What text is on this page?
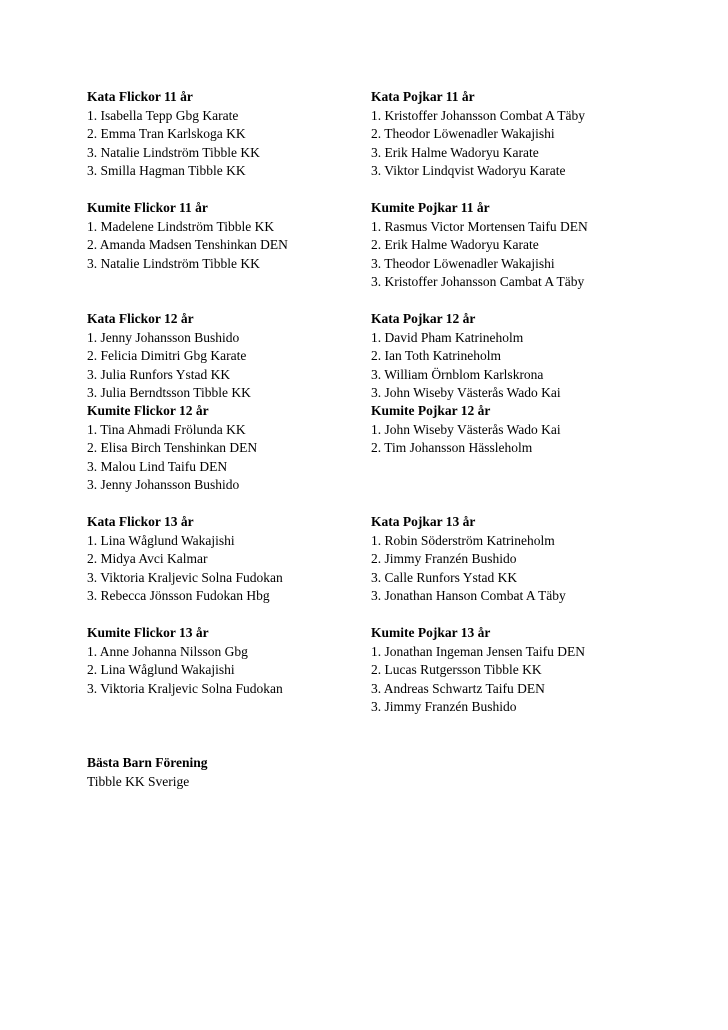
Kata Flickor 11 år
1. Isabella Tepp Gbg Karate
2. Emma Tran Karlskoga KK
3. Natalie Lindström Tibble KK
3. Smilla Hagman Tibble KK
Kumite Flickor 11 år
1. Madelene Lindström Tibble KK
2. Amanda Madsen Tenshinkan DEN
3. Natalie Lindström Tibble KK
Kata Flickor 12 år
1. Jenny Johansson Bushido
2. Felicia Dimitri Gbg Karate
3. Julia Runfors Ystad KK
3. Julia Berndtsson Tibble KK
Kumite Flickor 12 år
1. Tina Ahmadi Frölunda KK
2. Elisa Birch Tenshinkan DEN
3. Malou Lind Taifu DEN
3. Jenny Johansson Bushido
Kata Flickor 13 år
1. Lina Wåglund Wakajishi
2. Midya Avci Kalmar
3. Viktoria Kraljevic Solna Fudokan
3. Rebecca Jönsson Fudokan Hbg
Kumite Flickor 13 år
1. Anne Johanna Nilsson Gbg
2. Lina Wåglund Wakajishi
3. Viktoria Kraljevic Solna Fudokan
Kata Pojkar 11 år
1. Kristoffer Johansson Combat A Täby
2. Theodor Löwenadler Wakajishi
3. Erik Halme Wadoryu Karate
3. Viktor Lindqvist Wadoryu Karate
Kumite Pojkar 11 år
1. Rasmus Victor Mortensen Taifu DEN
2. Erik Halme Wadoryu Karate
3. Theodor Löwenadler Wakajishi
3. Kristoffer Johansson Cambat A Täby
Kata Pojkar 12 år
1. David Pham Katrineholm
2. Ian Toth Katrineholm
3. William Örnblom Karlskrona
3. John Wiseby Västerås Wado Kai
Kumite Pojkar 12 år
1. John Wiseby Västerås Wado Kai
2. Tim Johansson Hässleholm
Kata Pojkar 13 år
1. Robin Söderström Katrineholm
2. Jimmy Franzén Bushido
3. Calle Runfors Ystad KK
3. Jonathan Hanson Combat A Täby
Kumite Pojkar 13 år
1. Jonathan Ingeman Jensen Taifu DEN
2. Lucas Rutgersson Tibble KK
3. Andreas Schwartz Taifu DEN
3. Jimmy Franzén Bushido
Bästa Barn Förening
Tibble KK Sverige
